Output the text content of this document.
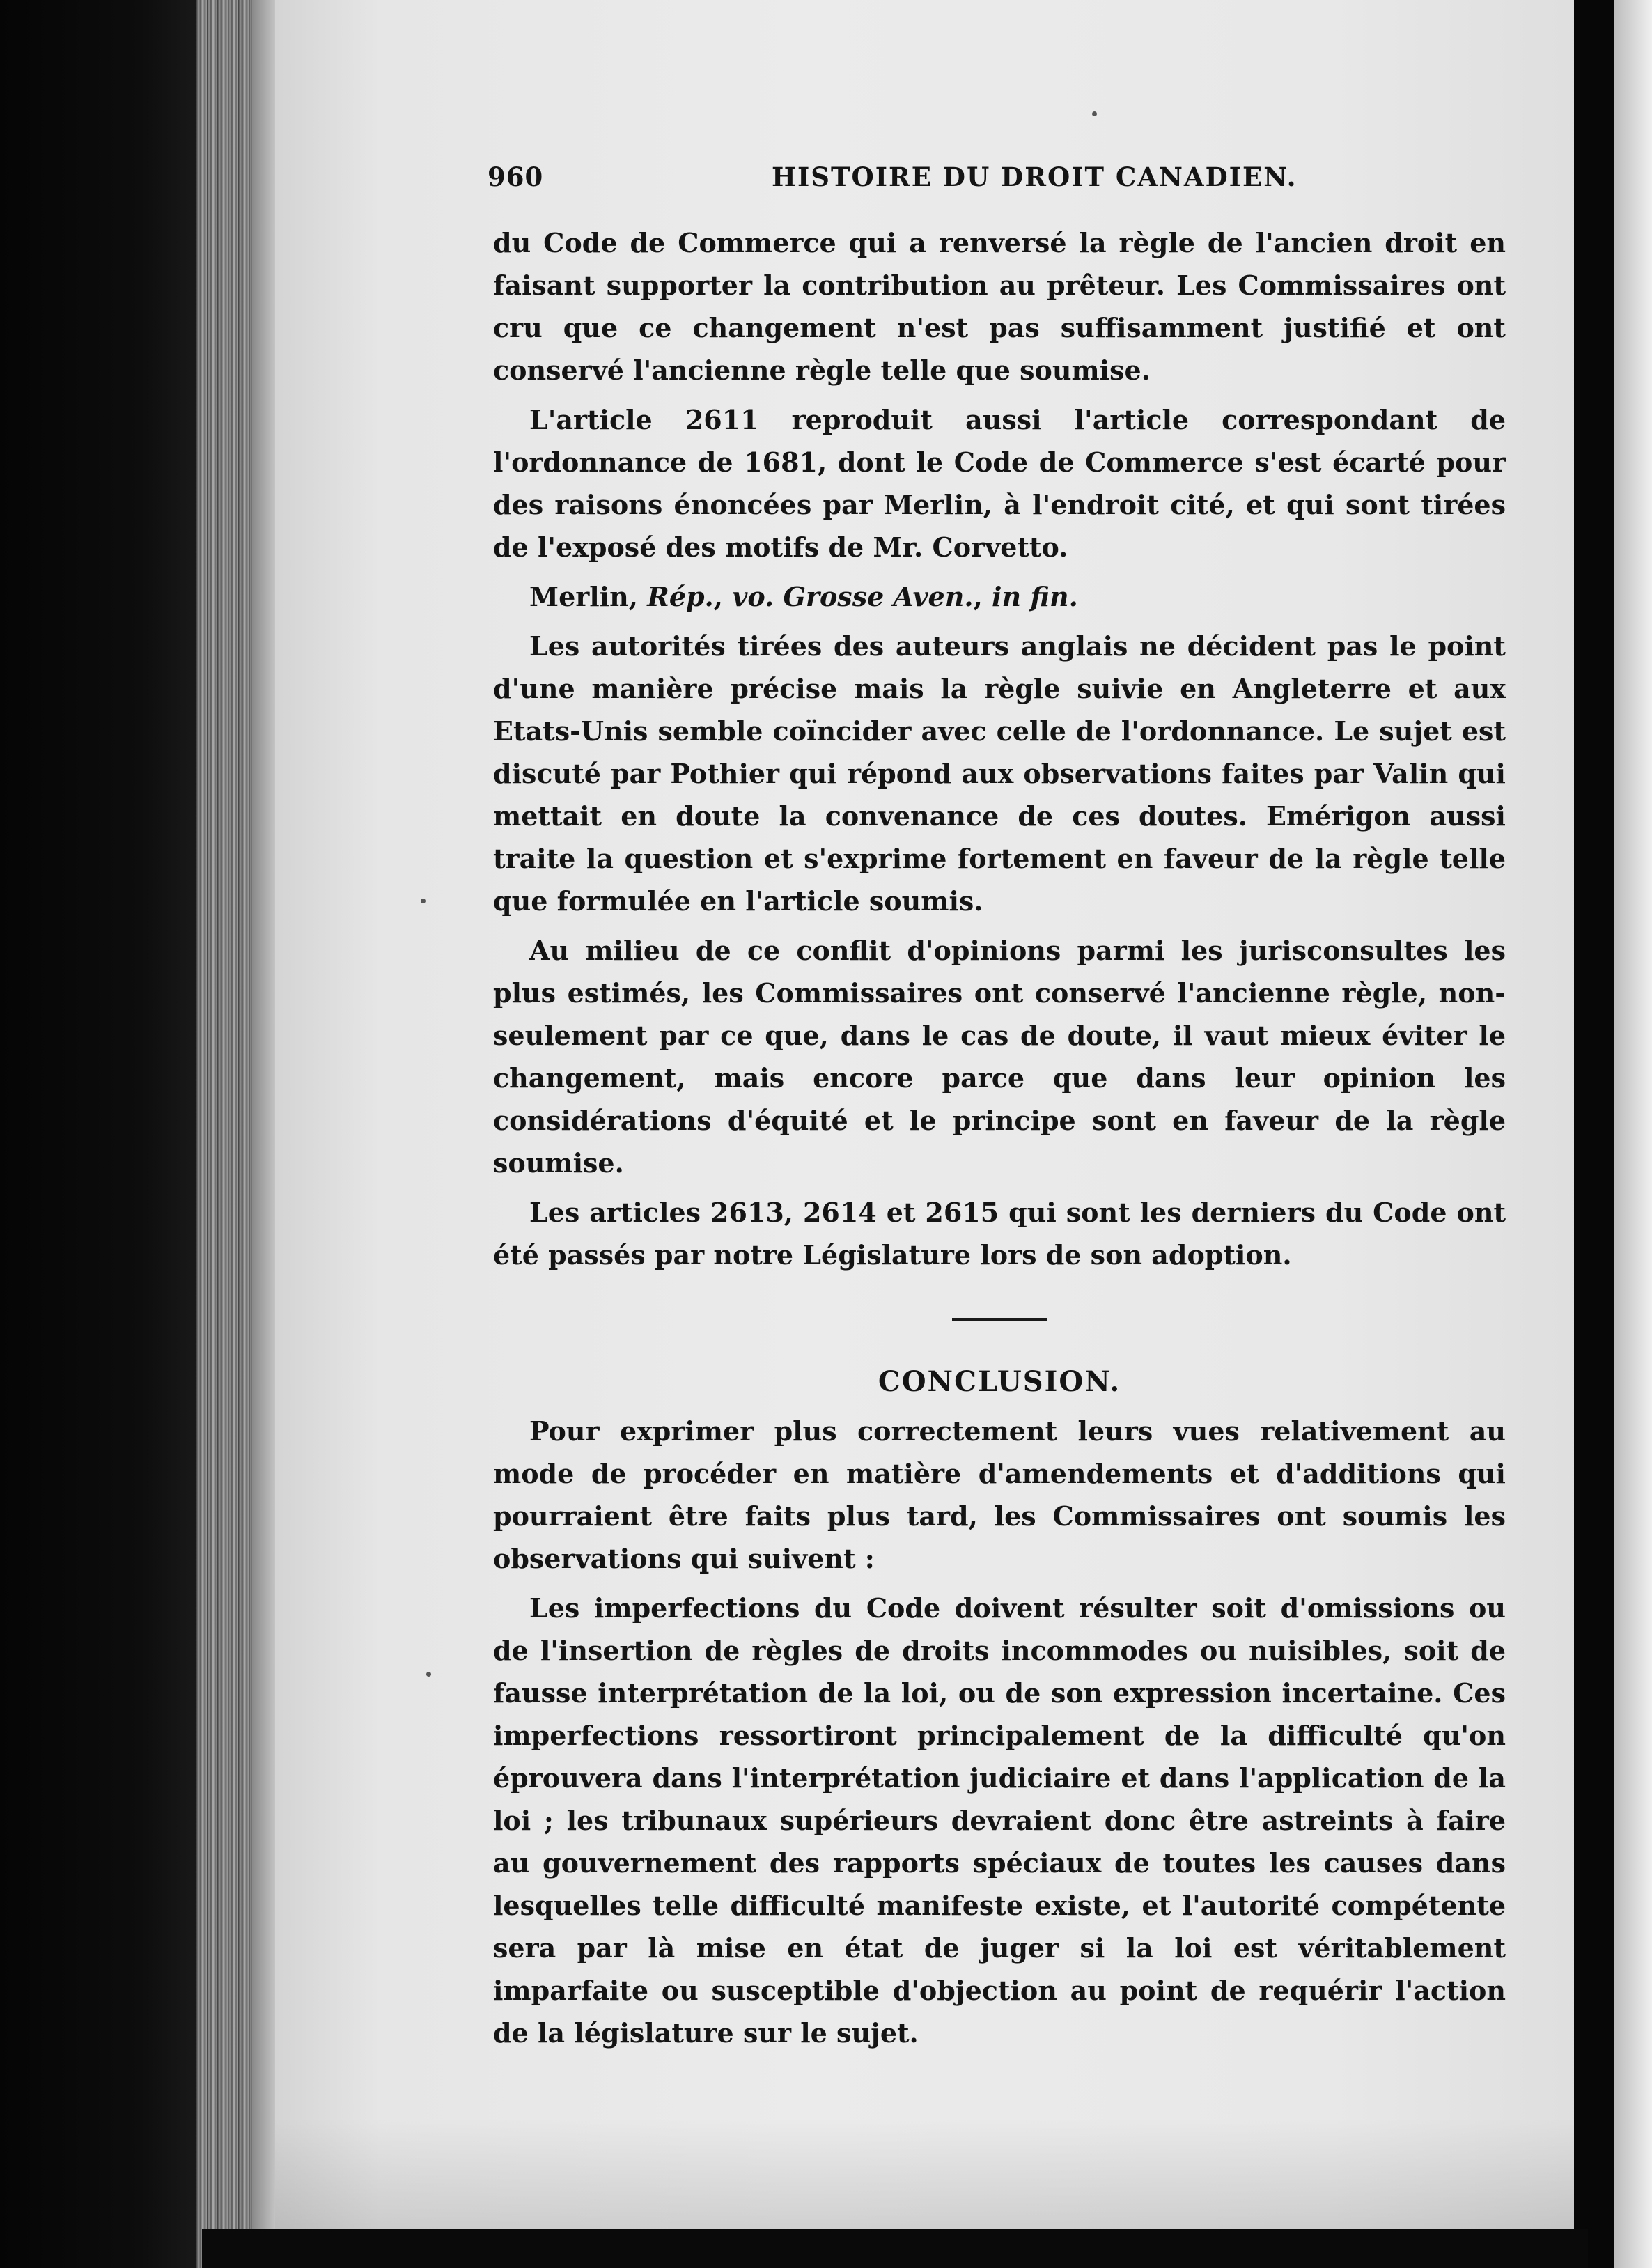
960	HISTOIRE DU DROIT CANADIEN.

du Code de Commerce qui a renversé la règle de l'ancien droit en faisant supporter la contribution au prêteur. Les Commissaires ont cru que ce changement n'est pas suffisamment justifié et ont conservé l'ancienne règle telle que soumise.

L'article 2611 reproduit aussi l'article correspondant de l'ordonnance de 1681, dont le Code de Commerce s'est écarté pour des raisons énoncées par Merlin, à l'endroit cité, et qui sont tirées de l'exposé des motifs de Mr. Corvetto.

Merlin, Rép., vo. Grosse Aven., in fin.

Les autorités tirées des auteurs anglais ne décident pas le point d'une manière précise mais la règle suivie en Angleterre et aux Etats-Unis semble coïncider avec celle de l'ordonnance. Le sujet est discuté par Pothier qui répond aux observations faites par Valin qui mettait en doute la convenance de ces doutes. Emérigon aussi traite la question et s'exprime fortement en faveur de la règle telle que formulée en l'article soumis.

Au milieu de ce conflit d'opinions parmi les jurisconsultes les plus estimés, les Commissaires ont conservé l'ancienne règle, non-seulement par ce que, dans le cas de doute, il vaut mieux éviter le changement, mais encore parce que dans leur opinion les considérations d'équité et le principe sont en faveur de la règle soumise.

Les articles 2613, 2614 et 2615 qui sont les derniers du Code ont été passés par notre Législature lors de son adoption.

CONCLUSION.

Pour exprimer plus correctement leurs vues relativement au mode de procéder en matière d'amendements et d'additions qui pourraient être faits plus tard, les Commissaires ont soumis les observations qui suivent :

Les imperfections du Code doivent résulter soit d'omissions ou de l'insertion de règles de droits incommodes ou nuisibles, soit de fausse interprétation de la loi, ou de son expression incertaine. Ces imperfections ressortiront principalement de la difficulté qu'on éprouvera dans l'interprétation judiciaire et dans l'application de la loi ; les tribunaux supérieurs devraient donc être astreints à faire au gouvernement des rapports spéciaux de toutes les causes dans lesquelles telle difficulté manifeste existe, et l'autorité compétente sera par là mise en état de juger si la loi est véritablement imparfaite ou susceptible d'objection au point de requérir l'action de la législature sur le sujet.
